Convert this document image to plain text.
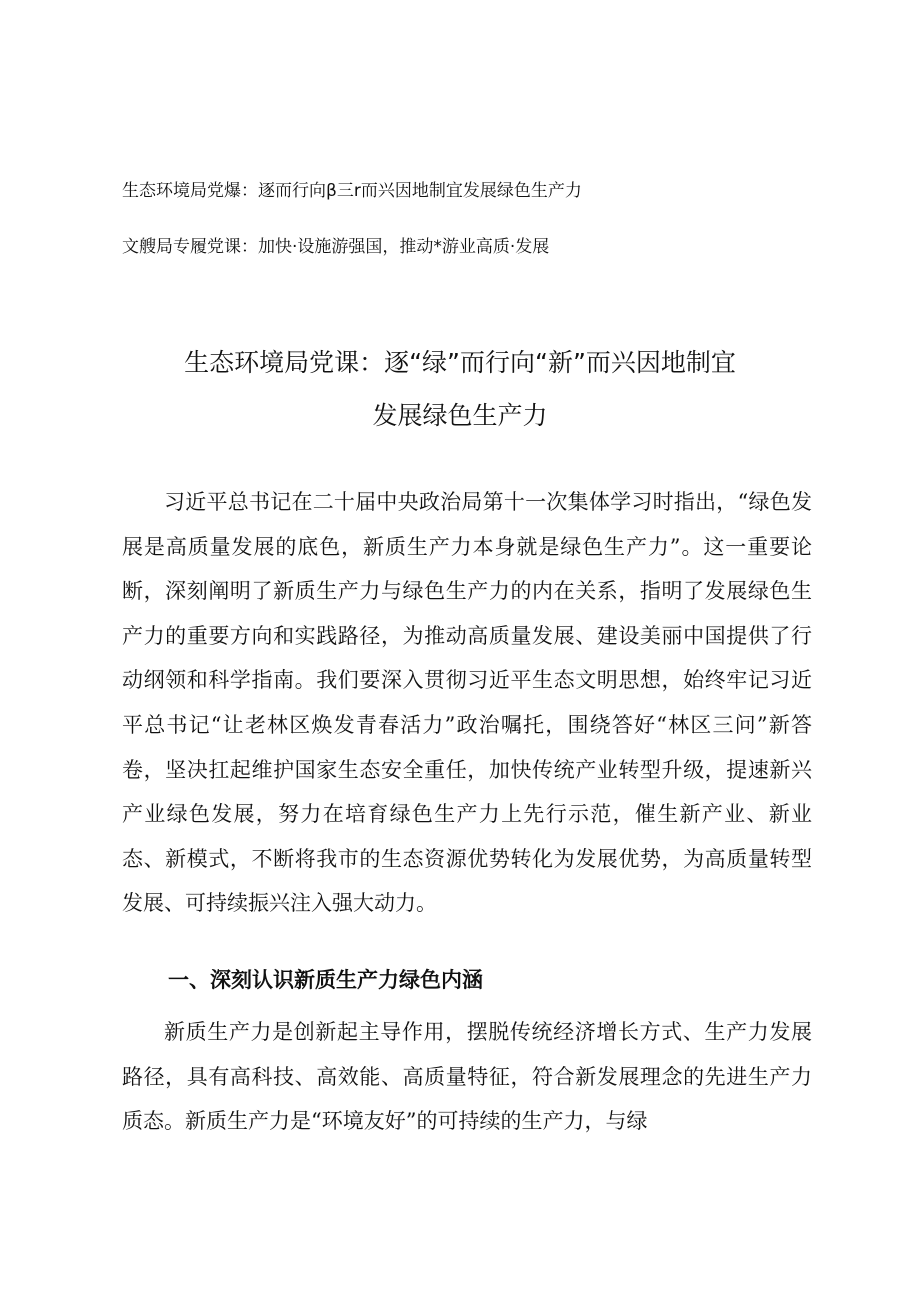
生态环境局党爆：逐而行向β三r而兴因地制宜发展绿色生产力
文艘局专履党课：加快·设施游强国，推动*游业高质·发展
生态环境局党课：逐“绿”而行向“新”而兴因地制宜
发展绿色生产力

习近平总书记在二十届中央政治局第十一次集体学习时指出，“绿色发展是高质量发展的底色，新质生产力本身就是绿色生产力”。这一重要论断，深刻阐明了新质生产力与绿色生产力的内在关系，指明了发展绿色生产力的重要方向和实践路径，为推动高质量发展、建设美丽中国提供了行动纲领和科学指南。我们要深入贯彻习近平生态文明思想，始终牢记习近平总书记“让老林区焕发青春活力”政治嘱托，围绕答好“林区三问”新答卷，坚决扛起维护国家生态安全重任，加快传统产业转型升级，提速新兴产业绿色发展，努力在培育绿色生产力上先行示范，催生新产业、新业态、新模式，不断将我市的生态资源优势转化为发展优势，为高质量转型发展、可持续振兴注入强大动力。

一、深刻认识新质生产力绿色内涵

新质生产力是创新起主导作用，摆脱传统经济增长方式、生产力发展路径，具有高科技、高效能、高质量特征，符合新发展理念的先进生产力质态。新质生产力是“环境友好”的可持续的生产力，与绿
